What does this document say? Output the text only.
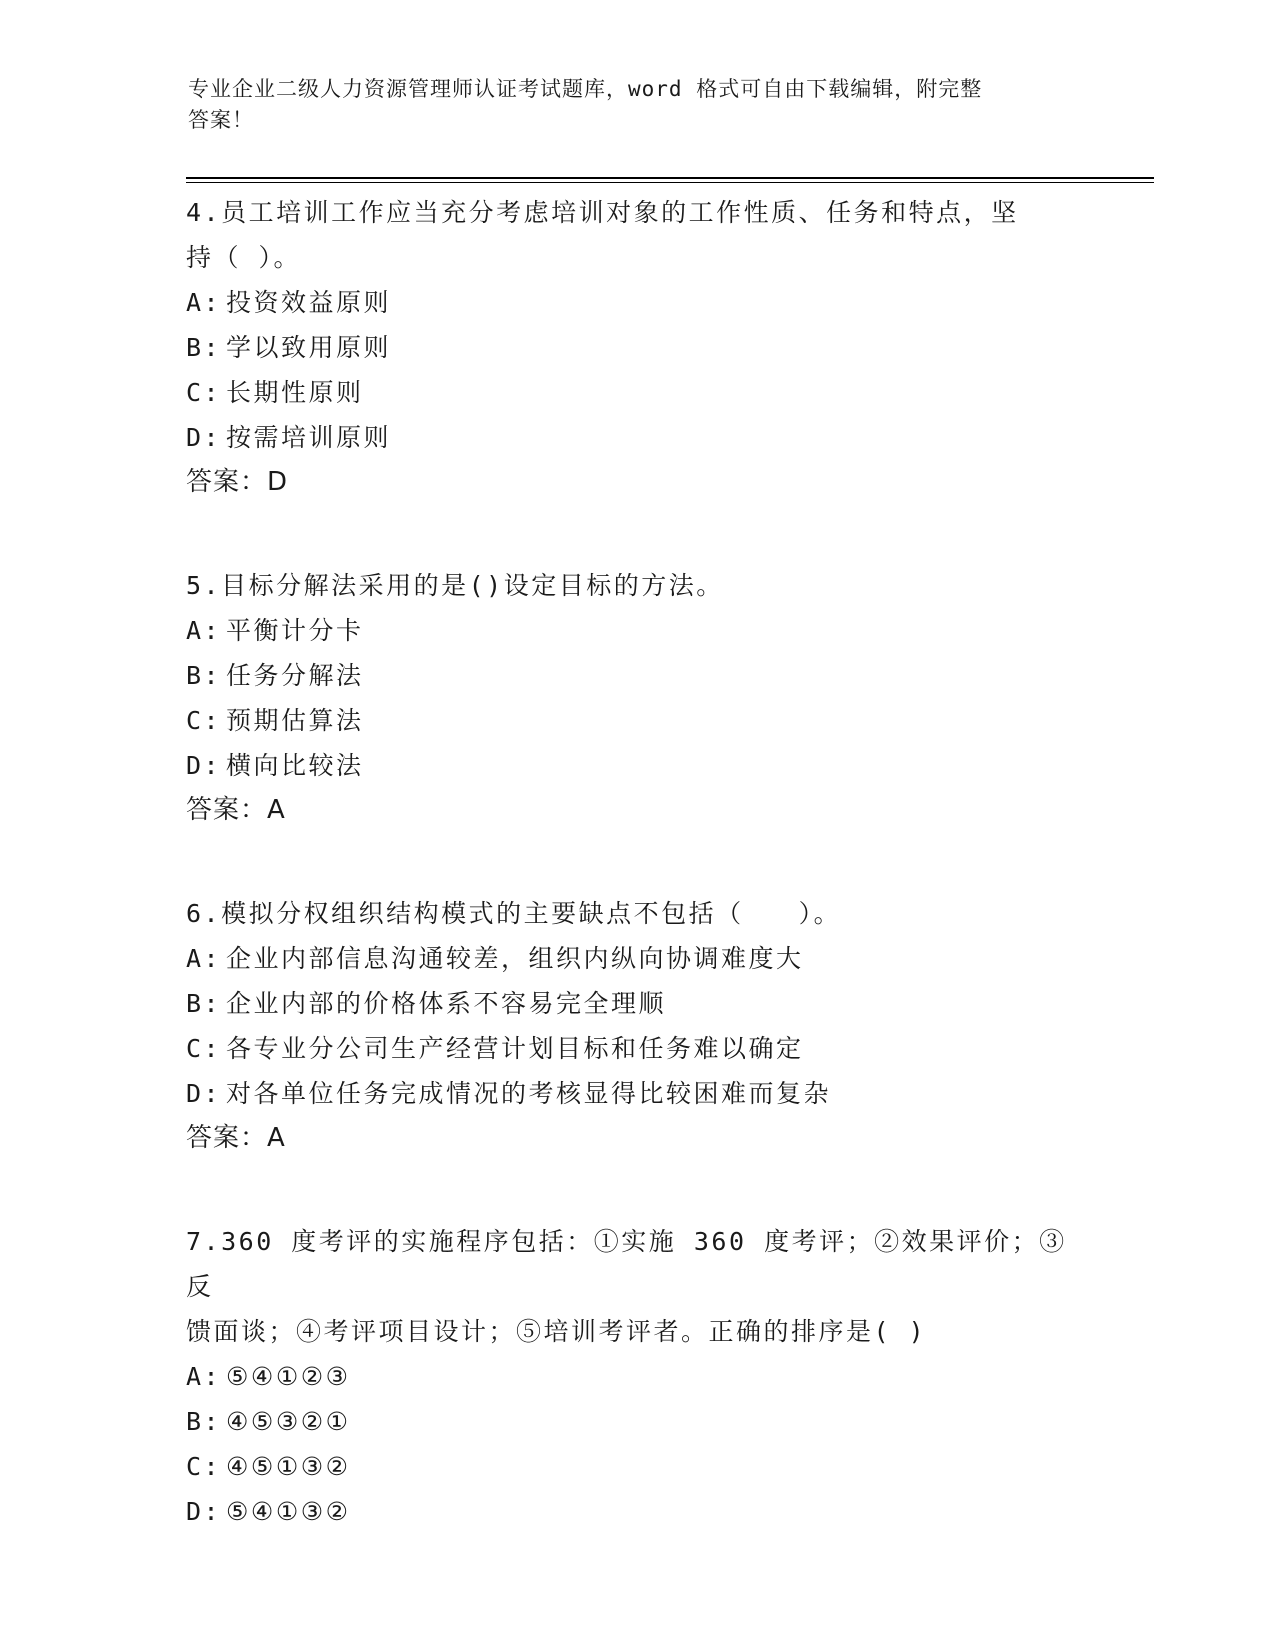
专业企业二级人力资源管理师认证考试题库，word 格式可自由下载编辑，附完整
答案！
4.员工培训工作应当充分考虑培训对象的工作性质、任务和特点，坚
持（ ）。
A: 投资效益原则
B: 学以致用原则
C: 长期性原则
D: 按需培训原则
答案：D
5.目标分解法采用的是()设定目标的方法。
A: 平衡计分卡
B: 任务分解法
C: 预期估算法
D: 横向比较法
答案：A
6.模拟分权组织结构模式的主要缺点不包括（　　）。
A: 企业内部信息沟通较差，组织内纵向协调难度大
B: 企业内部的价格体系不容易完全理顺
C: 各专业分公司生产经营计划目标和任务难以确定
D: 对各单位任务完成情况的考核显得比较困难而复杂
答案：A
7.360 度考评的实施程序包括：①实施 360 度考评；②效果评价；③反
馈面谈；④考评项目设计；⑤培训考评者。正确的排序是( )
A: ⑤④①②③
B: ④⑤③②①
C: ④⑤①③②
D: ⑤④①③②
